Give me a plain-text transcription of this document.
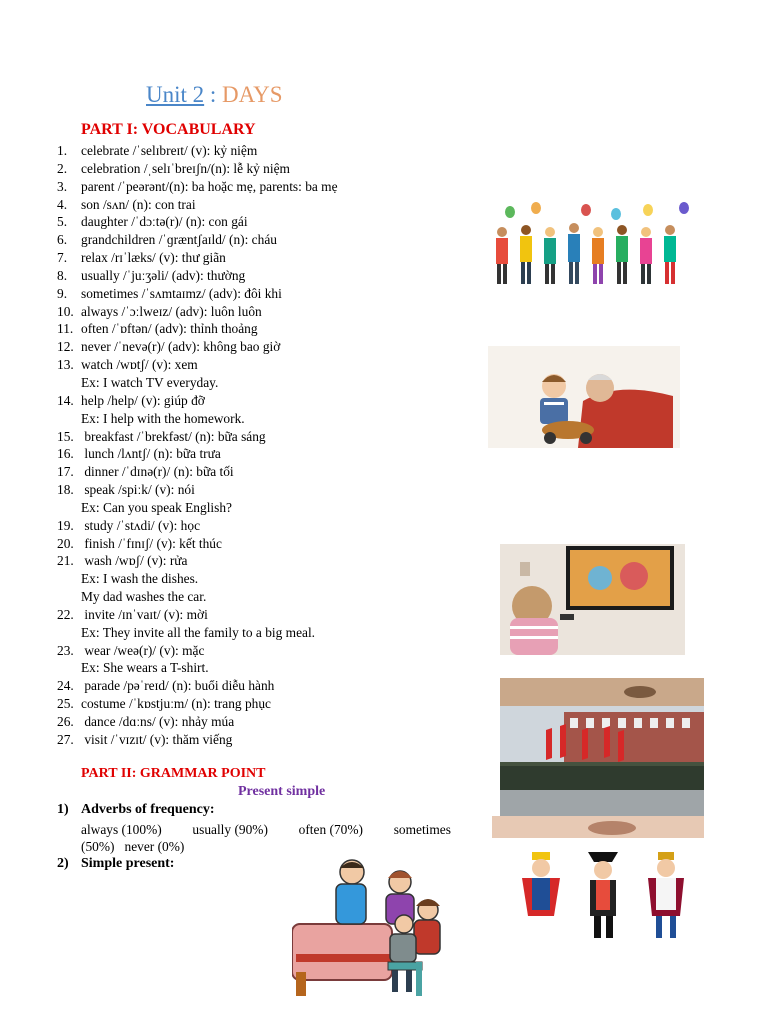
Unit 2 : DAYS
PART I: VOCABULARY
1. celebrate /ˈselɪbreɪt/ (v): kỷ niệm
2. celebration /ˌselɪˈbreɪʃn/(n): lễ kỷ niệm
3. parent /ˈpeərənt/(n): ba hoặc mẹ, parents: ba mẹ
4. son /sʌn/ (n): con trai
5. daughter /ˈdɔːtə(r)/ (n): con gái
6. grandchildren /ˈɡræntʃaɪld/ (n): cháu
7. relax /rɪˈlæks/ (v): thư giãn
8. usually /ˈjuːʒəli/ (adv): thường
9. sometimes /ˈsʌmtaɪmz/ (adv): đôi khi
10. always /ˈɔːlweɪz/ (adv): luôn luôn
11. often /ˈɒftən/ (adv): thỉnh thoảng
12. never /ˈnevə(r)/ (adv): không bao giờ
13. watch /wɒtʃ/ (v): xem
Ex: I watch TV everyday.
14. help /help/ (v): giúp đỡ
Ex: I help with the homework.
15. breakfast /ˈbrekfəst/ (n): bữa sáng
16. lunch /lʌntʃ/ (n): bữa trưa
17. dinner /ˈdɪnə(r)/ (n): bữa tối
18. speak /spiːk/ (v): nói
Ex: Can you speak English?
19. study /ˈstʌdi/ (v): học
20. finish /ˈfɪnɪʃ/ (v): kết thúc
21. wash /wɒʃ/ (v): rửa
Ex: I wash the dishes.
My dad washes the car.
22. invite /ɪnˈvaɪt/ (v): mời
Ex: They invite all the family to a big meal.
23. wear /weə(r)/ (v): mặc
Ex: She wears a T-shirt.
24. parade /pəˈreɪd/ (n): buổi diễu hành
25. costume /ˈkɒstjuːm/ (n): trang phục
26. dance /dɑːns/ (v): nhảy múa
27. visit /ˈvɪzɪt/ (v): thăm viếng
PART II: GRAMMAR POINT
Present simple
1) Adverbs of frequency:
always (100%) usually (90%) often (70%) sometimes
(50%) never (0%)
2) Simple present:
